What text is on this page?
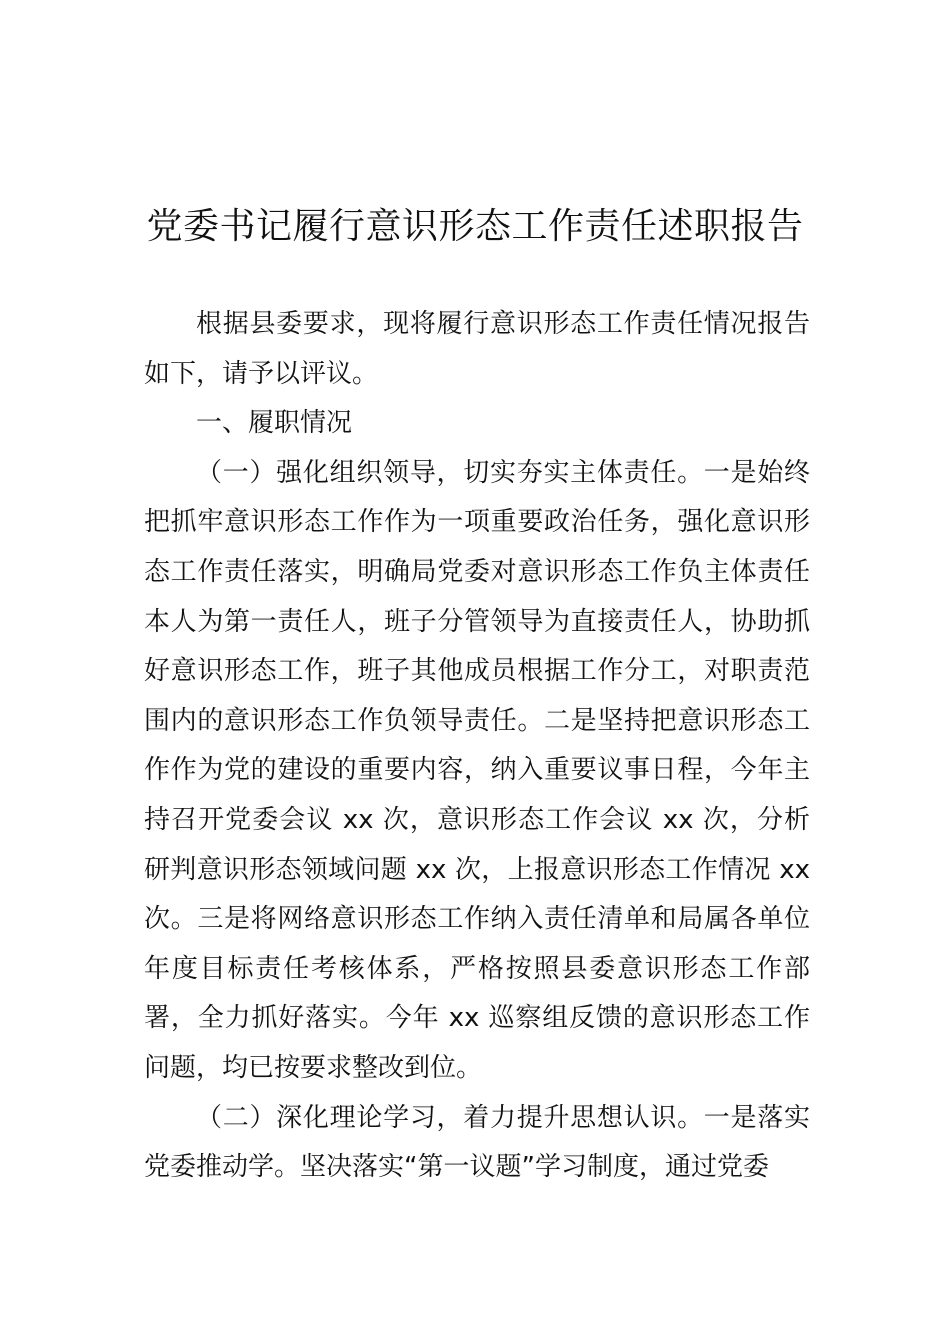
党委书记履行意识形态工作责任述职报告

根据县委要求，现将履行意识形态工作责任情况报告如下，请予以评议。

一、履职情况

（一）强化组织领导，切实夯实主体责任。一是始终把抓牢意识形态工作作为一项重要政治任务，强化意识形态工作责任落实，明确局党委对意识形态工作负主体责任本人为第一责任人，班子分管领导为直接责任人，协助抓好意识形态工作，班子其他成员根据工作分工，对职责范围内的意识形态工作负领导责任。二是坚持把意识形态工作作为党的建设的重要内容，纳入重要议事日程，今年主持召开党委会议 xx 次，意识形态工作会议 xx 次，分析研判意识形态领域问题 xx 次，上报意识形态工作情况 xx 次。三是将网络意识形态工作纳入责任清单和局属各单位年度目标责任考核体系，严格按照县委意识形态工作部署，全力抓好落实。今年 xx 巡察组反馈的意识形态工作问题，均已按要求整改到位。

（二）深化理论学习，着力提升思想认识。一是落实党委推动学。坚决落实“第一议题”学习制度，通过党委
